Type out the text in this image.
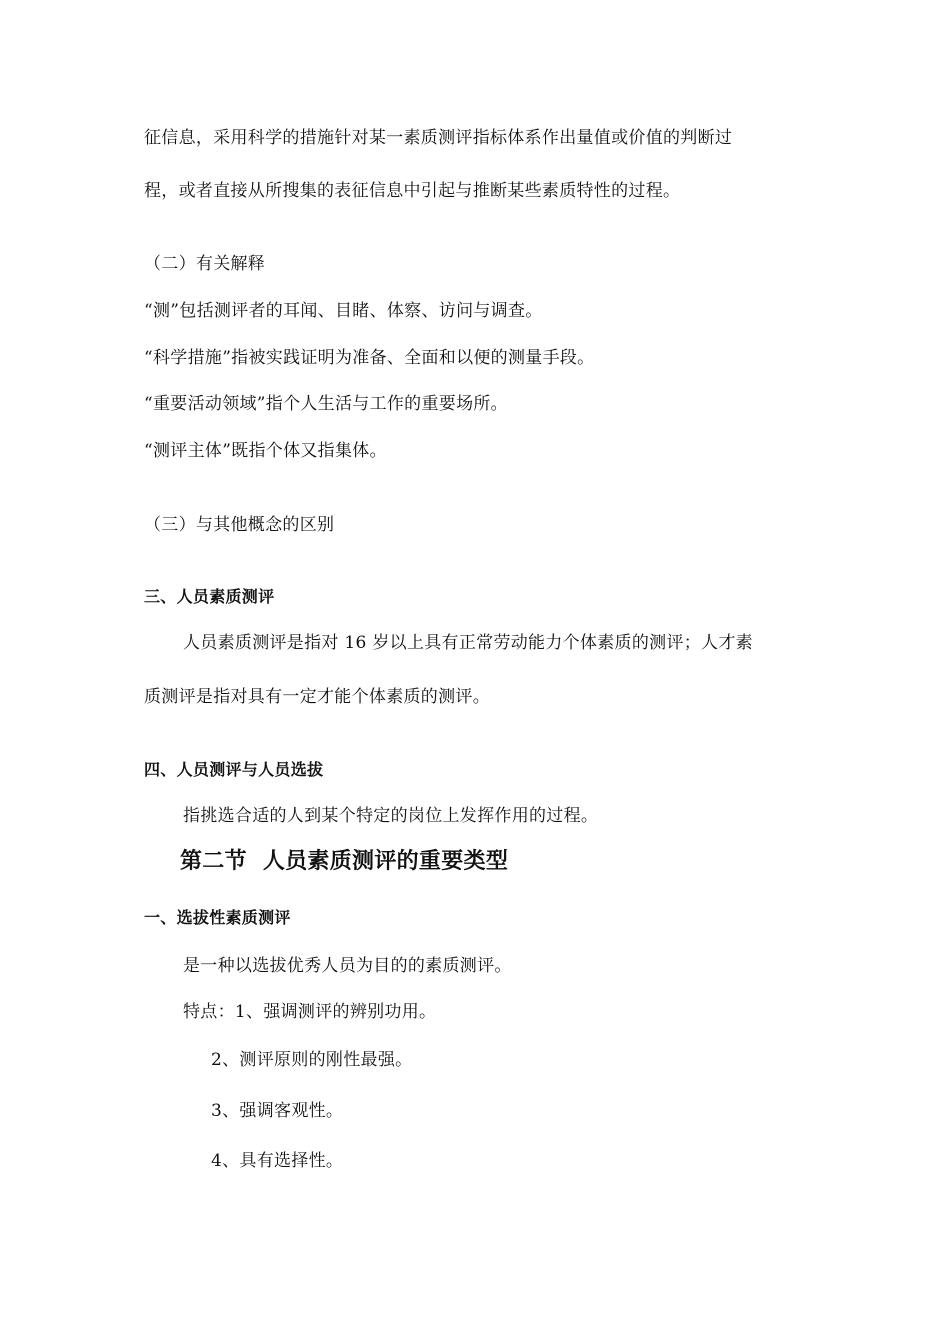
征信息，采用科学的措施针对某一素质测评指标体系作出量值或价值的判断过
程，或者直接从所搜集的表征信息中引起与推断某些素质特性的过程。
（二）有关解释
“测”包括测评者的耳闻、目睹、体察、访问与调查。
“科学措施”指被实践证明为准备、全面和以便的测量手段。
“重要活动领域”指个人生活与工作的重要场所。
“测评主体”既指个体又指集体。
（三）与其他概念的区别
三、人员素质测评
人员素质测评是指对 16 岁以上具有正常劳动能力个体素质的测评；人才素
质测评是指对具有一定才能个体素质的测评。
四、人员测评与人员选拔
指挑选合适的人到某个特定的岗位上发挥作用的过程。
第二节  人员素质测评的重要类型
一、选拔性素质测评
是一种以选拔优秀人员为目的的素质测评。
特点：1、强调测评的辨别功用。
2、测评原则的刚性最强。
3、强调客观性。
4、具有选择性。
